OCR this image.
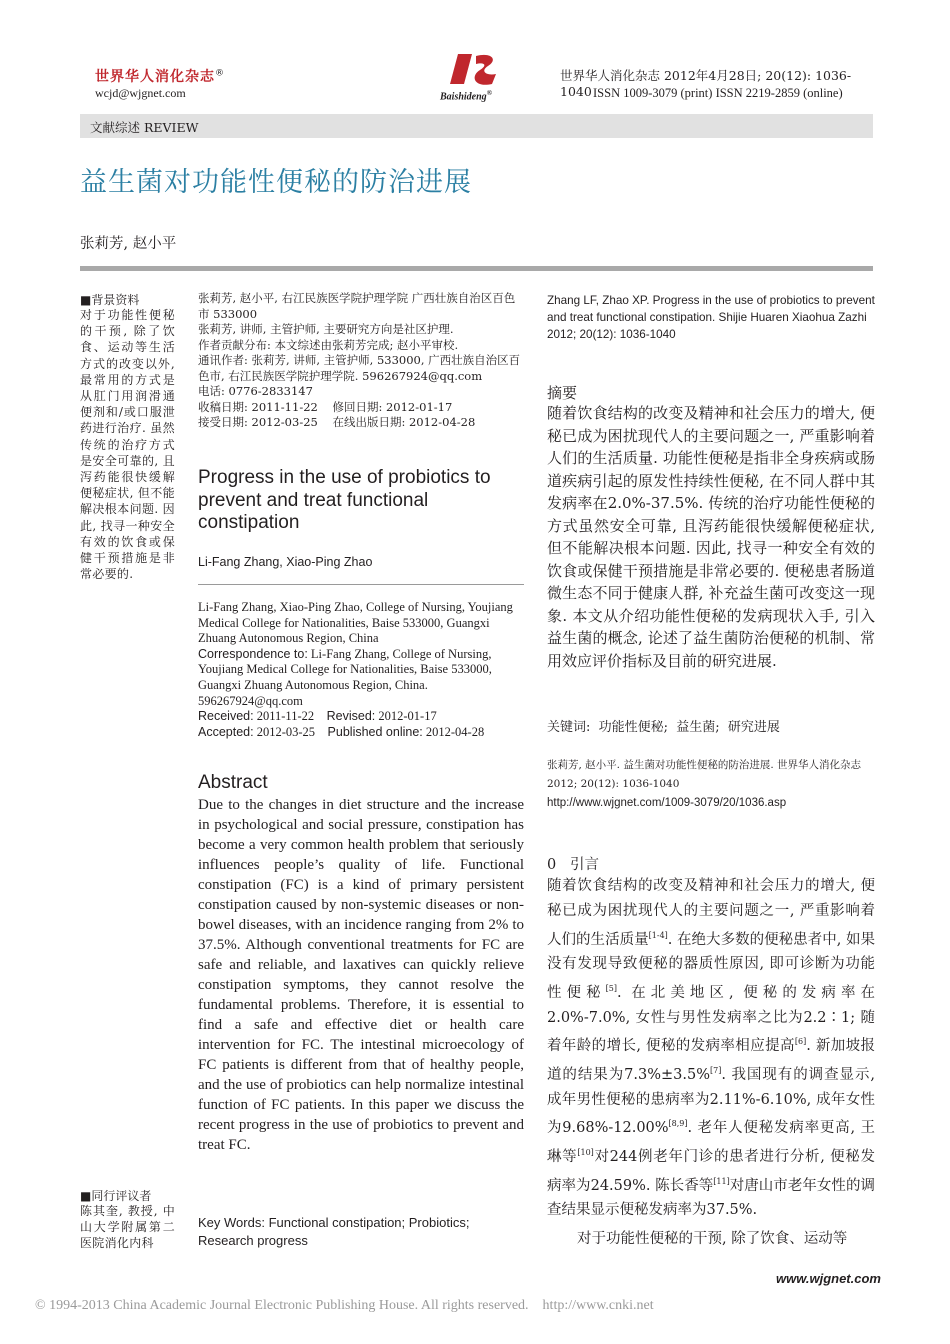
世界华人消化杂志®
wcjd@wjgnet.com	Baishideng®
世界华人消化杂志 2012年4月28日; 20(12): 1036-1040 ISSN 1009-3079 (print) ISSN 2219-2859 (online)
文献综述 REVIEW
益生菌对功能性便秘的防治进展
张莉芳, 赵小平
■背景资料
对于功能性便秘的干预, 除了饮食、运动等生活方式的改变以外, 最常用的方式是从肛门用润滑通便剂和/或口服泄药进行治疗. 虽然传统的治疗方式是安全可靠的, 且泻药能很快缓解便秘症状, 但不能解决根本问题. 因此, 找寻一种安全有效的饮食或保健干预措施是非常必要的.
■同行评议者
陈其奎, 教授, 中山大学附属第二医院消化内科
张莉芳, 赵小平, 右江民族医学院护理学院 广西壮族自治区百色市 533000
张莉芳, 讲师, 主管护师, 主要研究方向是社区护理.
作者贡献分布: 本文综述由张莉芳完成; 赵小平审校.
通讯作者: 张莉芳, 讲师, 主管护师, 533000, 广西壮族自治区百色市, 右江民族医学院护理学院. 596267924@qq.com
电话: 0776-2833147
收稿日期: 2011-11-22    修回日期: 2012-01-17
接受日期: 2012-03-25    在线出版日期: 2012-04-28
Progress in the use of probiotics to prevent and treat functional constipation
Li-Fang Zhang, Xiao-Ping Zhao
Li-Fang Zhang, Xiao-Ping Zhao, College of Nursing, Youjiang Medical College for Nationalities, Baise 533000, Guangxi Zhuang Autonomous Region, China
Correspondence to: Li-Fang Zhang, College of Nursing, Youjiang Medical College for Nationalities, Baise 533000, Guangxi Zhuang Autonomous Region, China. 596267924@qq.com
Received: 2011-11-22 Revised: 2012-01-17
Accepted: 2012-03-25 Published online: 2012-04-28
Abstract
Due to the changes in diet structure and the increase in psychological and social pressure, constipation has become a very common health problem that seriously influences people’s quality of life. Functional constipation (FC) is a kind of primary persistent constipation caused by non-systemic diseases or non-bowel diseases, with an incidence ranging from 2% to 37.5%. Although conventional treatments for FC are safe and reliable, and laxatives can quickly relieve constipation symptoms, they cannot resolve the fundamental problems. Therefore, it is essential to find a safe and effective diet or health care intervention for FC. The intestinal microecology of FC patients is different from that of healthy people, and the use of probiotics can help normalize intestinal function of FC patients. In this paper we discuss the recent progress in the use of probiotics to prevent and treat FC.
Key Words: Functional constipation; Probiotics; Research progress
Zhang LF, Zhao XP. Progress in the use of probiotics to prevent and treat functional constipation. Shijie Huaren Xiaohua Zazhi 2012; 20(12): 1036-1040
摘要
随着饮食结构的改变及精神和社会压力的增大, 便秘已成为困扰现代人的主要问题之一, 严重影响着人们的生活质量. 功能性便秘是指非全身疾病或肠道疾病引起的原发性持续性便秘, 在不同人群中其发病率在2.0%-37.5%. 传统的治疗功能性便秘的方式虽然安全可靠, 且泻药能很快缓解便秘症状, 但不能解决根本问题. 因此, 找寻一种安全有效的饮食或保健干预措施是非常必要的. 便秘患者肠道微生态不同于健康人群, 补充益生菌可改变这一现象. 本文从介绍功能性便秘的发病现状入手, 引入益生菌的概念, 论述了益生菌防治便秘的机制、常用效应评价指标及目前的研究进展.
关键词:  功能性便秘;  益生菌;  研究进展
张莉芳, 赵小平. 益生菌对功能性便秘的防治进展. 世界华人消化杂志 2012; 20(12): 1036-1040
http://www.wjgnet.com/1009-3079/20/1036.asp
0   引言
随着饮食结构的改变及精神和社会压力的增大, 便秘已成为困扰现代人的主要问题之一, 严重影响着人们的生活质量[1-4]. 在绝大多数的便秘患者中, 如果没有发现导致便秘的器质性原因, 即可诊断为功能性便秘[5]. 在北美地区, 便秘的发病率在2.0%-7.0%, 女性与男性发病率之比为2.2∶1; 随着年龄的增长, 便秘的发病率相应提高[6]. 新加坡报道的结果为7.3%±3.5%[7]. 我国现有的调查显示, 成年男性便秘的患病率为2.11%-6.10%, 成年女性为9.68%-12.00%[8,9]. 老年人便秘发病率更高, 王琳等[10]对244例老年门诊的患者进行分析, 便秘发病率为24.59%. 陈长香等[11]对唐山市老年女性的调查结果显示便秘发病率为37.5%.
对于功能性便秘的干预, 除了饮食、运动等
www.wjgnet.com
© 1994-2013 China Academic Journal Electronic Publishing House. All rights reserved.    http://www.cnki.net
